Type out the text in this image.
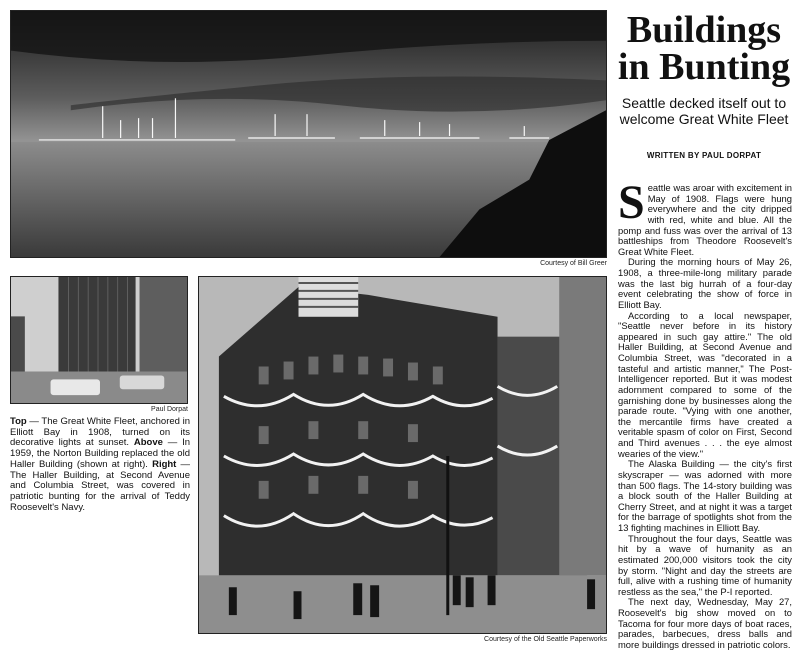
Courtesy of Bill Greer
Paul Dorpat
Top — The Great White Fleet, anchored in Elliott Bay in 1908, turned on its decorative lights at sunset. Above — In 1959, the Norton Building replaced the old Haller Building (shown at right). Right — The Haller Building, at Second Avenue and Columbia Street, was covered in patriotic bunting for the arrival of Teddy Roosevelt's Navy.
Courtesy of the Old Seattle Paperworks
Buildings
in Bunting
Seattle decked itself out to welcome Great White Fleet
WRITTEN BY PAUL DORPAT

Seattle was aroar with excitement in May of 1908. Flags were hung everywhere and the city dripped with red, white and blue. All the pomp and fuss was over the arrival of 13 battleships from Theodore Roosevelt's Great White Fleet.

During the morning hours of May 26, 1908, a three-mile-long military parade was the last big hurrah of a four-day event celebrating the show of force in Elliott Bay.

According to a local newspaper, "Seattle never before in its history appeared in such gay attire." The old Haller Building, at Second Avenue and Columbia Street, was "decorated in a tasteful and artistic manner," The Post-Intelligencer reported. But it was modest adornment compared to some of the garnishing done by businesses along the parade route. "Vying with one another, the mercantile firms have created a veritable spasm of color on First, Second and Third avenues . . . the eye almost wearies of the view."

The Alaska Building — the city's first skyscraper — was adorned with more than 500 flags. The 14-story building was a block south of the Haller Building at Cherry Street, and at night it was a target for the barrage of spotlights shot from the 13 fighting machines in Elliott Bay.

Throughout the four days, Seattle was hit by a wave of humanity as an estimated 200,000 visitors took the city by storm. "Night and day the streets are full, alive with a rushing time of humanity restless as the sea," the P-I reported.

The next day, Wednesday, May 27, Roosevelt's big show moved on to Tacoma for four more days of boat races, parades, barbecues, dress balls and more buildings dressed in patriotic colors.
